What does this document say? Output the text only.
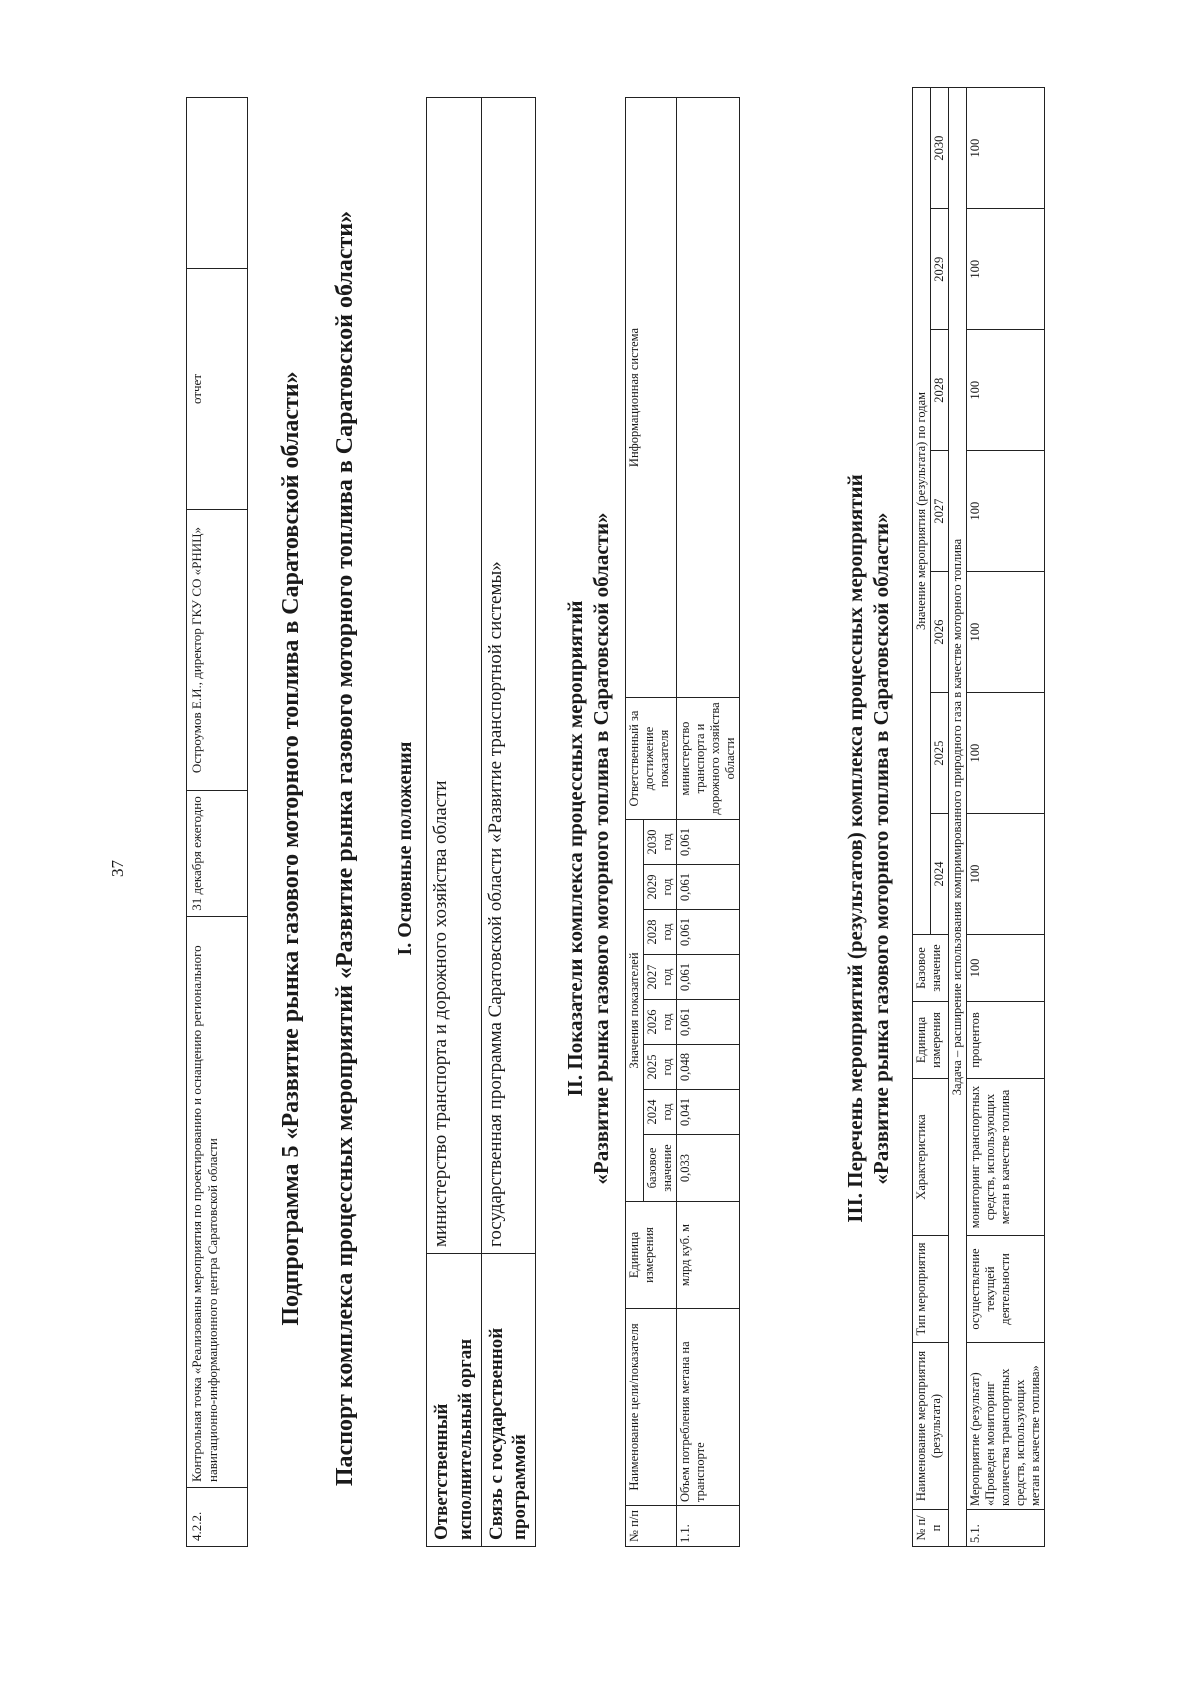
37
4.2.2.	Контрольная точка «Реализованы мероприятия по проектированию и оснащению регионального навигационно-информационного центра Саратовской области	31 декабря ежегодно	Остроумов Е.И., директор ГКУ СО «РНИЦ»	отчет		Подпрограмма 5 «Развитие рынка газового моторного топлива в Саратовской области» Паспорт комплекса процессных мероприятий «Развитие рынка газового моторного топлива в Саратовской области» I. Основные положения
Ответственный исполнительный орган	министерство транспорта и дорожного хозяйства области
Связь с государственной программой	государственная программа Саратовской области «Развитие транспортной системы»	II. Показатели комплекса процессных мероприятий «Развитие рынка газового моторного топлива в Саратовской области»
№ п/п	Наименование цели/показателя	Единица измерения	Значения показателей								Ответственный за достижение показателя	Информационная система
			базовое значение	2024 год	2025 год	2026 год	2027 год	2028 год	2029 год	2030 год		
1.1.	Объем потребления метана на транспорте	млрд куб. м	0,033	0,041	0,048	0,061	0,061	0,061	0,061	0,061	министерство транспорта и дорожного хозяйства области		III. Перечень мероприятий (результатов) комплекса процессных мероприятий «Развитие рынка газового моторного топлива в Саратовской области»
№ п/п	Наименование мероприятия (результата)	Тип мероприятия	Характеристика	Единица измерения	Базовое значение	Значение мероприятия (результата) по годам						
						2024	2025	2026	2027	2028	2029	2030
Задача – расширение использования компримированного природного газа в качестве моторного топлива												
5.1.	Мероприятие (результат) «Проведен мониторинг количества транспортных средств, использующих метан в качестве топлива»	осуществление текущей деятельности	мониторинг транспортных средств, использующих метан в качестве топлива	процентов	100	100	100	100	100	100	100	100
